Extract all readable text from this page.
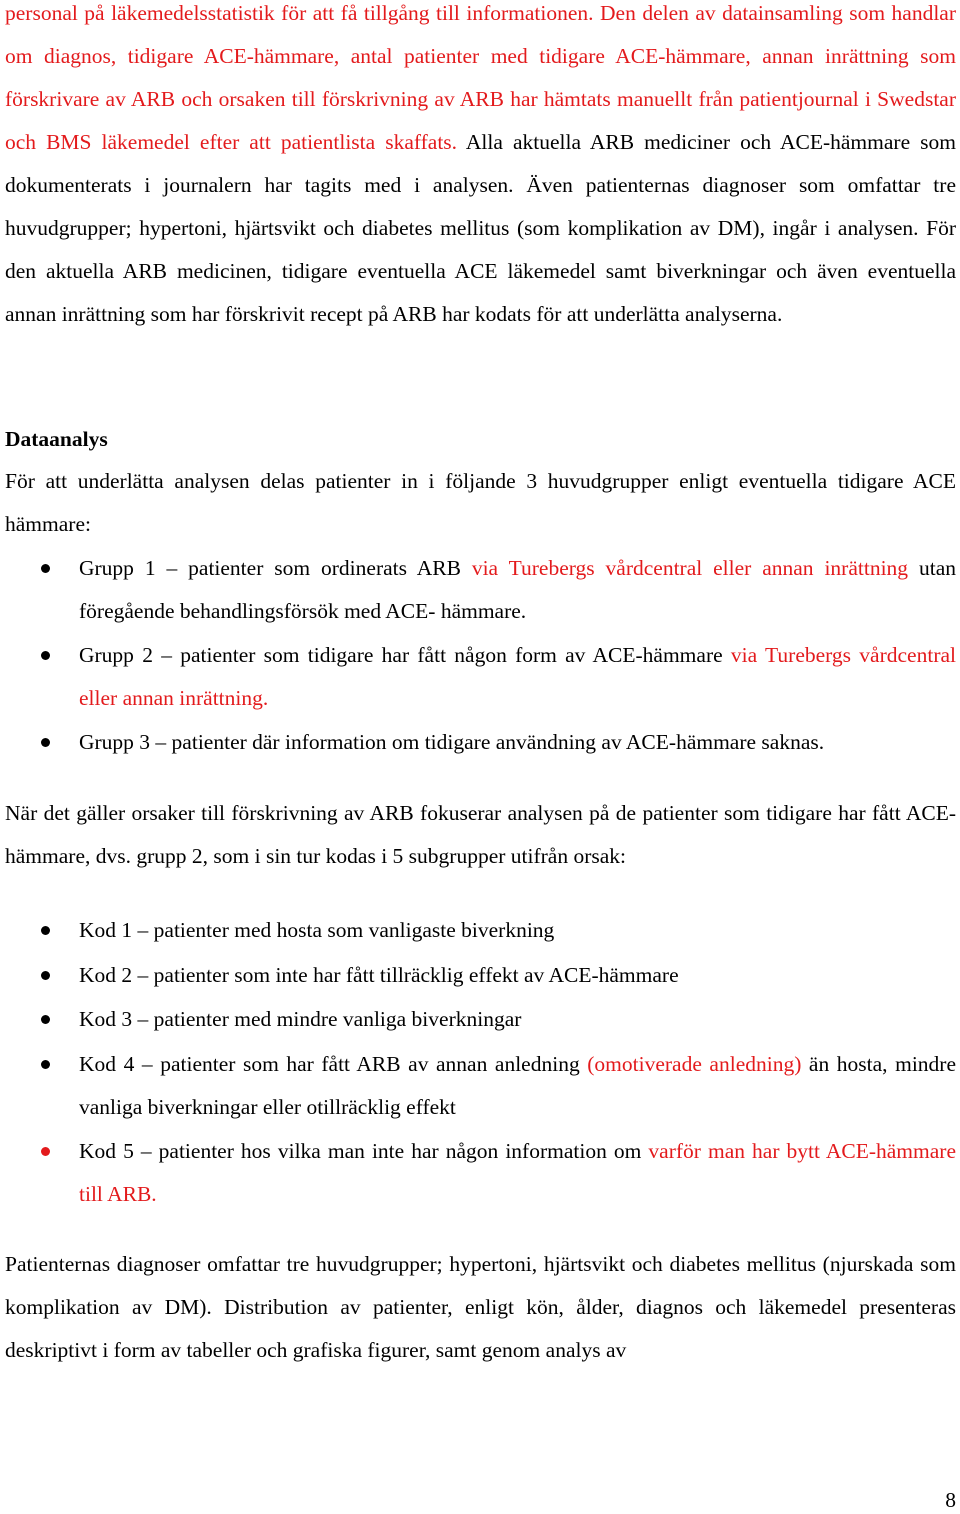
personal på läkemedelsstatistik för att få tillgång till informationen. Den delen av datainsamling som handlar om diagnos, tidigare ACE-hämmare, antal patienter med tidigare ACE-hämmare, annan inrättning som förskrivare av ARB och orsaken till förskrivning av ARB har hämtats manuellt från patientjournal i Swedstar och BMS läkemedel efter att patientlista skaffats. Alla aktuella ARB mediciner och ACE-hämmare som dokumenterats i journalern har tagits med i analysen. Även patienternas diagnoser som omfattar tre huvudgrupper; hypertoni, hjärtsvikt och diabetes mellitus (som komplikation av DM), ingår i analysen. För den aktuella ARB medicinen, tidigare eventuella ACE läkemedel samt biverkningar och även eventuella annan inrättning som har förskrivit recept på ARB har kodats för att underlätta analyserna.

Dataanalys

För att underlätta analysen delas patienter in i följande 3 huvudgrupper enligt eventuella tidigare ACE hämmare:

Grupp 1 – patienter som ordinerats ARB via Turebergs vårdcentral eller annan inrättning utan föregående behandlingsförsök med ACE- hämmare.
Grupp 2 – patienter som tidigare har fått någon form av ACE-hämmare via Turebergs vårdcentral eller annan inrättning.
Grupp 3 – patienter där information om tidigare användning av ACE-hämmare saknas.

När det gäller orsaker till förskrivning av ARB fokuserar analysen på de patienter som tidigare har fått ACE-hämmare, dvs. grupp 2, som i sin tur kodas i 5 subgrupper utifrån orsak:

Kod 1 – patienter med hosta som vanligaste biverkning
Kod 2 – patienter som inte har fått tillräcklig effekt av ACE-hämmare
Kod 3 – patienter med mindre vanliga biverkningar
Kod 4 – patienter som har fått ARB av annan anledning (omotiverade anledning) än hosta, mindre vanliga biverkningar eller otillräcklig effekt
Kod 5 – patienter hos vilka man inte har någon information om varför man har bytt ACE-hämmare till ARB.

Patienternas diagnoser omfattar tre huvudgrupper; hypertoni, hjärtsvikt och diabetes mellitus (njurskada som komplikation av DM). Distribution av patienter, enligt kön, ålder, diagnos och läkemedel presenteras deskriptivt i form av tabeller och grafiska figurer, samt genom analys av

8
